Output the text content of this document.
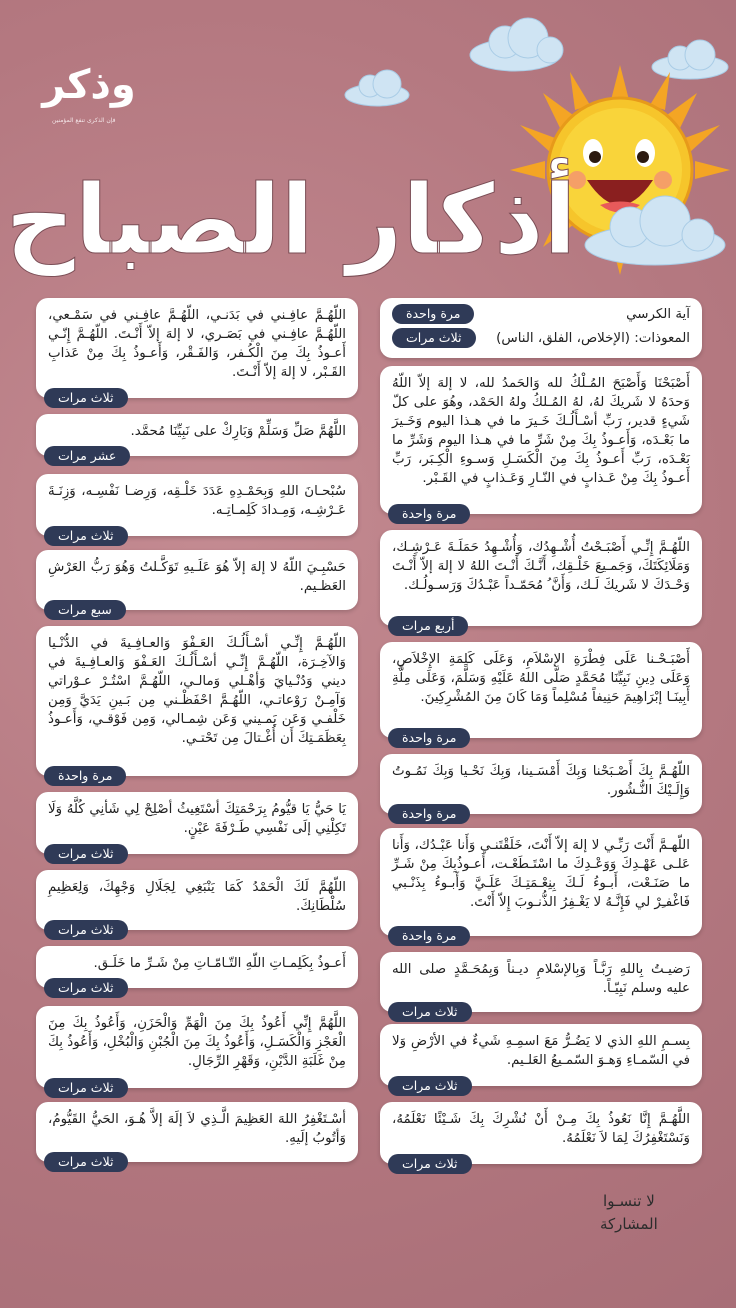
وذكر
فإن الذكرى تنفع المؤمنين
أذكار الصباح
آية الكرسي
مرة واحدة
المعوذات: (الإخلاص، الفلق، الناس)
ثلاث مرات
أَصْبَحْنَا وَأَصْبَحَ المُـلْكُ لله وَالحَمدُ لله، لا إلهَ إلاّ اللّهُ وَحدَهُ لا شَريكَ لهُ، لهُ المُـلكُ ولهُ الحَمْد، وهُوَ على كلّ شَيءٍ قدير، رَبِّ أسْـأَلُـكَ خَـيرَ ما في هـذا اليوم وَخَـيرَ ما بَعْـدَه، وَأَعـوذُ بِكَ مِنْ شَرِّ ما في هـذا اليوم وَشَرِّ ما بَعْـدَه، رَبِّ أَعـوذُ بِكَ مِنَ الْكَسَـلِ وَسـوءِ الْكِـبَر، رَبِّ أَعـوذُ بِكَ مِنْ عَـذابٍ في النّـارِ وَعَـذابٍ في القَـبْر.
مرة واحدة
اللّهُـمَّ إِنِّـي أَصْبَـحْتُ أُشْـهِدُك، وَأُشْـهِدُ حَمَلَـةَ عَـرْشِـك، وَمَلَائِكَتَكَ، وَجَمـيعَ خَلْـقِك، أَنَّـكَ أَنْـتَ اللهُ لا إلهَ إلاّ أَنْـتَ وَحْـدَكَ لا شَريكَ لَـك، وَأَنَّ ُ مُحَمّـداً عَبْـدُكَ وَرَسـولُـك.
أربع مرات
أَصْبَـحْـنا عَلَى فِطْرَةِ الإسْلاَمِ، وَعَلَى كَلِمَةِ الإِخْلاَصِ، وَعَلَى دِينِ نَبِيِّنَا مُحَمَّدٍ صَلَّى اللهُ عَلَيْهِ وَسَلَّمَ، وَعَلَى مِلَّةِ أَبِينَـا إبْرَاهِيمَ حَنِيفاً مُسْلِماً وَمَا كَانَ مِنَ المُشْرِكِينَ.
مرة واحدة
اللّهُـمَّ بِكَ أَصْـبَحْنا وَبِكَ أَمْسَـينا، وَبِكَ نَحْـيا وَبِكَ نَمُـوتُ وَإِلَـيْكَ النُّـشُور.
مرة واحدة
اللّهـمَّ أَنْتَ رَبِّـي لا إلهَ إلاّ أَنْتَ، خَلَقْتَنـي وَأَنا عَبْـدُك، وَأَنا عَلـى عَهْـدِكَ وَوَعْـدِكَ ما اسْتَـطَعْـت، أَعـوذُبِكَ مِنْ شَـرِّ ما صَنَـعْت، أَبـوءُ لَـكَ بِنِعْـمَتِـكَ عَلَـيَّ وَأَبـوءُ بِذَنْـبي فَاغْفـِرْ لي فَإِنَّـهُ لا يَغْـفِرُ الذُّنـوبَ إِلاّ أَنْتَ.
مرة واحدة
رَضيـتُ بِاللهِ رَبَّـاً وَبِالإسْلامِ ديـناً وَبِمُحَـمَّدٍ صلى الله عليه وسلم نَبِيّـاً.
ثلاث مرات
بِسـمِ اللهِ الذي لا يَضُـرُّ مَعَ اسمِـهِ شَيءٌ في الأرْضِ وَلا في السّمـاءِ وَهـوَ السّمـيعُ العَلـيم.
ثلاث مرات
اللَّهُـمَّ إِنَّا نَعُوذُ بِكَ مِـنْ أَنْ نُشْرِكَ بِكَ شَـيْئًا نَعْلَمُهُ، وَنَسْتَغْفِرُكَ لِمَا لاَ نَعْلَمُهُ.
ثلاث مرات
اللّهُـمَّ عافِـني في بَدَنـي، اللّهُـمَّ عافِـني في سَمْـعي، اللّهُـمَّ عافِـني في بَصَـري، لا إلهَ إلاّ أَنْـتَ. اللّهُـمَّ إِنّـي أَعـوذُ بِكَ مِنَ الْكُـفر، وَالفَـقْر، وَأَعـوذُ بِكَ مِنْ عَذابِ القَـبْر، لا إلهَ إلاّ أَنْـتَ.
ثلاث مرات
اللَّهُمَّ صَلِّ وَسَلِّمْ وَبَارِكْ على نَبِيِّنَا مُحمَّد.
عشر مرات
سُبْحـانَ اللهِ وَبِحَمْـدِهِ عَدَدَ خَلْـقِه، وَرِضـا نَفْسِـه، وَزِنَـةَ عَـرْشِـه، وَمِـدادَ كَلِمـاتِـه.
ثلاث مرات
حَسْبِـيَ اللّهُ لا إلهَ إلاّ هُوَ عَلَـيهِ تَوَكَّـلتُ وَهُوَ رَبُّ العَرْشِ العَظـيم.
سبع مرات
اللّهُـمَّ إِنِّـي أسْـأَلُـكَ العَـفْوَ وَالعـافِـيةَ في الدُّنْـيا وَالآخِـرَة، اللّهُـمَّ إِنِّـي أسْـأَلُـكَ العَـفْوَ وَالعـافِـيةَ في ديني وَدُنْـيايَ وَأهْـلي وَمالـي، اللّهُـمَّ اسْتُـرْ عـوْراتي وَآمِـنْ رَوْعاتـي، اللّهُـمَّ احْفَظْـني مِن بَـينِ يَدَيَّ وَمِن خَلْفـي وَعَن يَمـيني وَعَن شِمـالي، وَمِن فَوْقـي، وَأَعـوذُ بِعَظَمَـتِكَ أَن أُغْـتالَ مِن تَحْتـي.
مرة واحدة
يَا حَيُّ يَا قيُّومُ بِرَحْمَتِكَ أسْتَغِيثُ أصْلِحْ لِي شَأنِي كُلَّهُ وَلَا تَكِلْنِي إلَى نَفْسِي طَـرْفَةَ عَيْنٍ.
ثلاث مرات
اللّهُمَّ لَكَ الْحَمْدُ كَمَا يَنْبَغِي لِجَلَالِ وَجْهِكَ، وَلِعَظِيمِ سُلْطَانِكَ.
ثلاث مرات
أَعـوذُ بِكَلِمـاتِ اللّهِ التّـامّـاتِ مِنْ شَـرِّ ما خَلَـق.
ثلاث مرات
اللَّهُمَّ إِنِّي أَعُوذُ بِكَ مِنَ الْهَمِّ وَالْحَزَنِ، وَأَعُوذُ بِكَ مِنَ الْعَجْزِ وَالْكَسَـلِ، وَأَعُوذُ بِكَ مِنَ الْجُبْنِ وَالْبُخْلِ، وَأَعُوذُ بِكَ مِنْ غَلَبَةِ الدَّيْنِ، وَقَهْرِ الرِّجَالِ.
ثلاث مرات
أسْـتَغْفِرُ اللهَ العَظِيمَ الَّـذِي لاَ إلَهَ إلاَّ هُـوَ، الحَيُّ القَيُّومُ، وَأتُوبُ إلَيهِ.
ثلاث مرات
لا تنسـوا
المشاركة
